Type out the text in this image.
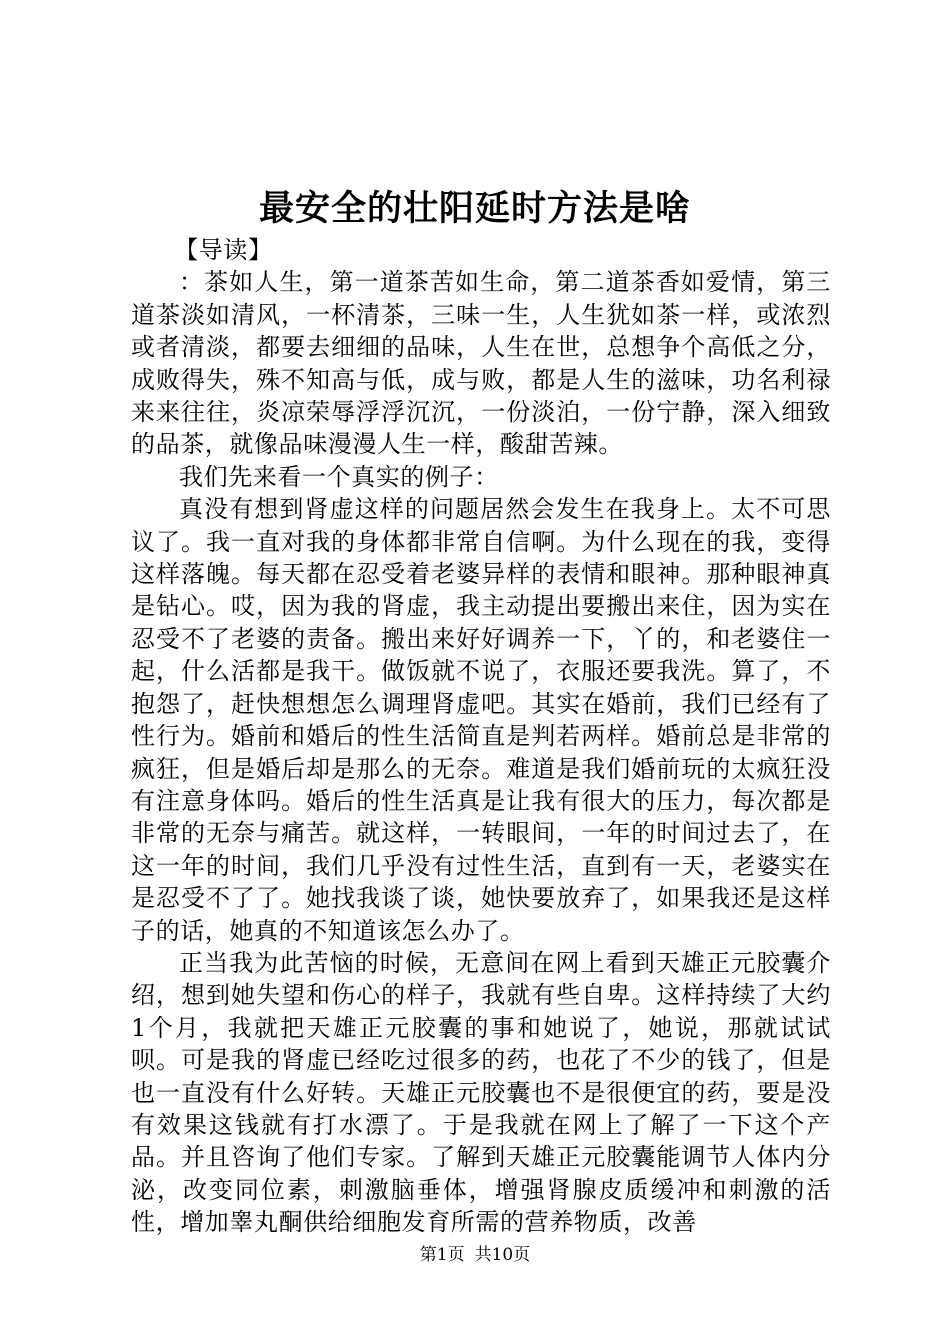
最安全的壮阳延时方法是啥

【导读】

：茶如人生，第一道茶苦如生命，第二道茶香如爱情，第三道茶淡如清风，一杯清茶，三味一生，人生犹如茶一样，或浓烈或者清淡，都要去细细的品味，人生在世，总想争个高低之分，成败得失，殊不知高与低，成与败，都是人生的滋味，功名利禄来来往往，炎凉荣辱浮浮沉沉，一份淡泊，一份宁静，深入细致的品茶，就像品味漫漫人生一样，酸甜苦辣。

我们先来看一个真实的例子：

真没有想到肾虚这样的问题居然会发生在我身上。太不可思议了。我一直对我的身体都非常自信啊。为什么现在的我，变得这样落魄。每天都在忍受着老婆异样的表情和眼神。那种眼神真是钻心。哎，因为我的肾虚，我主动提出要搬出来住，因为实在忍受不了老婆的责备。搬出来好好调养一下，丫的，和老婆住一起，什么活都是我干。做饭就不说了，衣服还要我洗。算了，不抱怨了，赶快想想怎么调理肾虚吧。其实在婚前，我们已经有了性行为。婚前和婚后的性生活简直是判若两样。婚前总是非常的疯狂，但是婚后却是那么的无奈。难道是我们婚前玩的太疯狂没有注意身体吗。婚后的性生活真是让我有很大的压力，每次都是非常的无奈与痛苦。就这样，一转眼间，一年的时间过去了，在这一年的时间，我们几乎没有过性生活，直到有一天，老婆实在是忍受不了了。她找我谈了谈，她快要放弃了，如果我还是这样子的话，她真的不知道该怎么办了。

正当我为此苦恼的时候，无意间在网上看到天雄正元胶囊介绍，想到她失望和伤心的样子，我就有些自卑。这样持续了大约1个月，我就把天雄正元胶囊的事和她说了，她说，那就试试呗。可是我的肾虚已经吃过很多的药，也花了不少的钱了，但是也一直没有什么好转。天雄正元胶囊也不是很便宜的药，要是没有效果这钱就有打水漂了。于是我就在网上了解了一下这个产品。并且咨询了他们专家。了解到天雄正元胶囊能调节人体内分泌，改变同位素，刺激脑垂体，增强肾腺皮质缓冲和刺激的活性，增加睾丸酮供给细胞发育所需的营养物质，改善

第1页 共10页
